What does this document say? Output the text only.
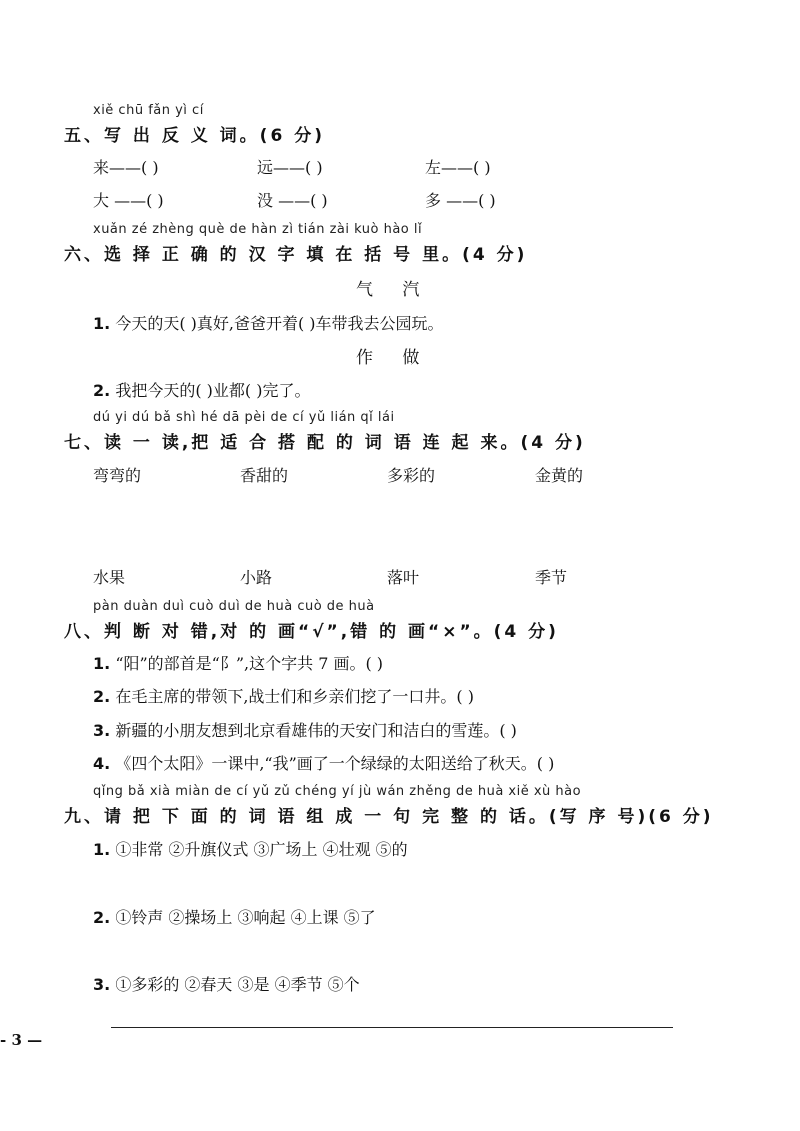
xiě chū fǎn yì cí
五、写 出 反 义 词。(6 分)
来——( )	远——( )	左——( )
大 ——( )	没 ——( )	多 ——( )
xuǎn zé zhèng què de hàn zì tián zài kuò hào lǐ
六、选 择 正 确 的 汉 字 填 在 括 号 里。(4 分)
气 汽
1. 今天的天( )真好,爸爸开着( )车带我去公园玩。
作 做
2. 我把今天的( )业都( )完了。
dú yi dú bǎ shì hé dā pèi de cí yǔ lián qǐ lái
七、读 一 读,把 适 合 搭 配 的 词 语 连 起 来。(4 分)
弯弯的	香甜的	多彩的	金黄的
水果	小路	落叶	季节
pàn duàn duì cuò duì de huà cuò de huà
八、判 断 对 错,对 的 画“√”,错 的 画“×”。(4 分)
1. “阳”的部首是“阝”,这个字共 7 画。( )
2. 在毛主席的带领下,战士们和乡亲们挖了一口井。( )
3. 新疆的小朋友想到北京看雄伟的天安门和洁白的雪莲。( )
4. 《四个太阳》一课中,“我”画了一个绿绿的太阳送给了秋天。( )
qǐng bǎ xià miàn de cí yǔ zǔ chéng yí jù wán zhěng de huà xiě xù hào
九、请 把 下 面 的 词 语 组 成 一 句 完 整 的 话。(写 序 号)(6 分)
1. ①非常 ②升旗仪式 ③广场上 ④壮观 ⑤的
2. ①铃声 ②操场上 ③响起 ④上课 ⑤了
3. ①多彩的 ②春天 ③是 ④季节 ⑤个
- 3 —
